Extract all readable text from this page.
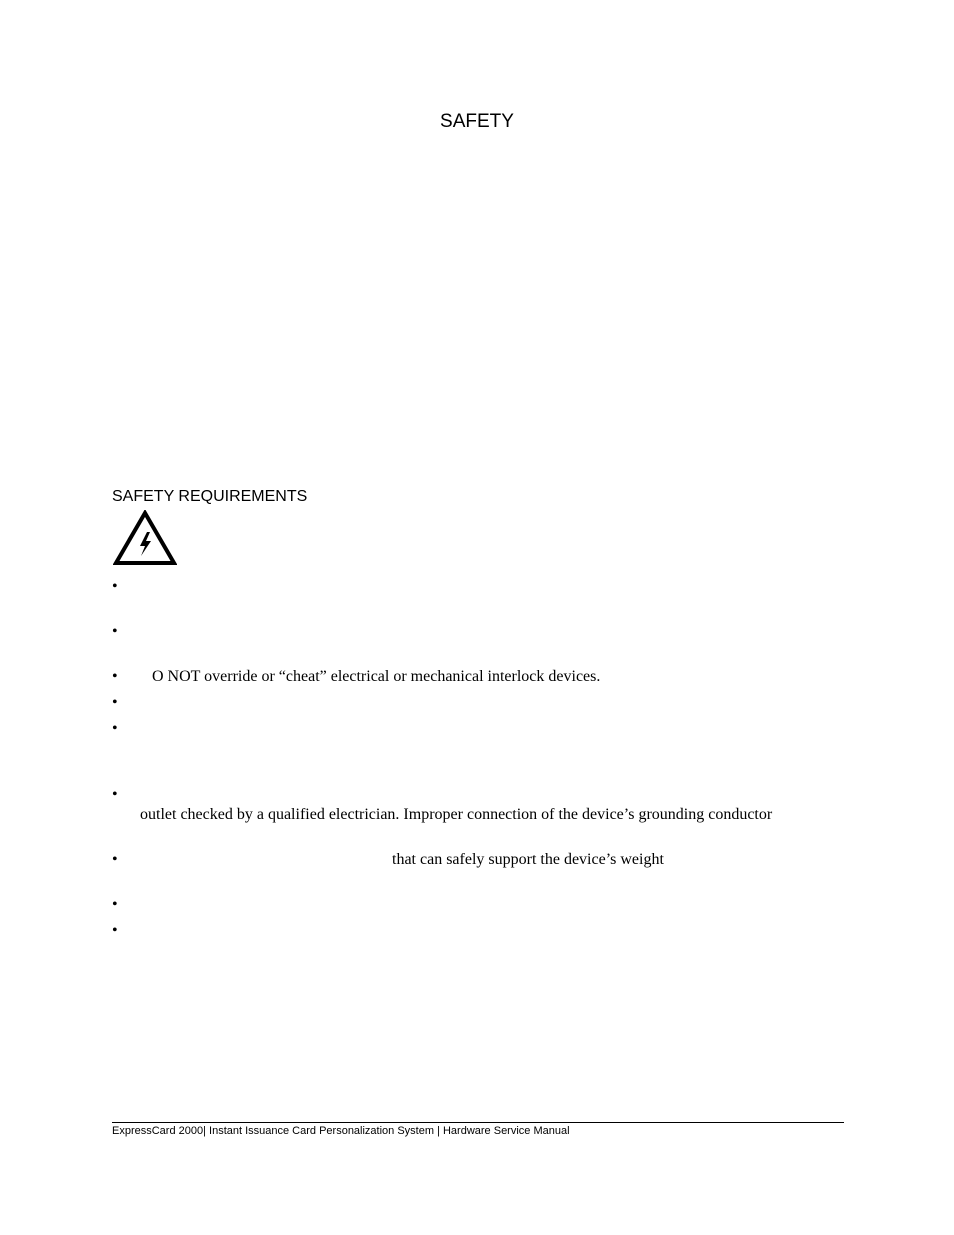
SAFETY
SAFETY REQUIREMENTS
•
•
• O NOT override or “cheat” electrical or mechanical interlock devices.
•
•
•
outlet checked by a qualified electrician. Improper connection of the device’s grounding conductor
•	that can safely support the device’s weight
•
•
ExpressCard 2000| Instant Issuance Card Personalization System | Hardware Service Manual
